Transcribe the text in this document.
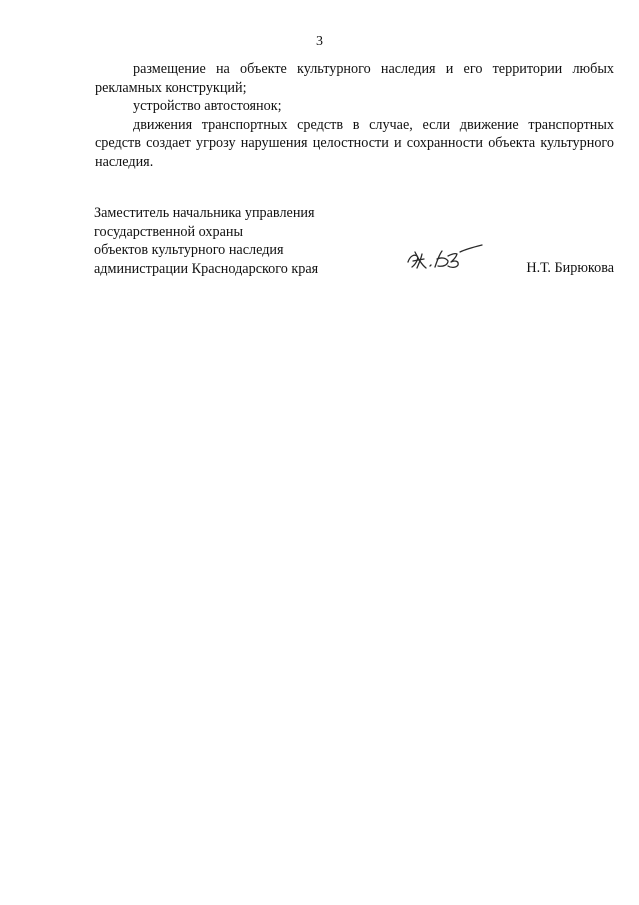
3

размещение на объекте культурного наследия и его территории любых рекламных конструкций;

устройство автостоянок;

движения транспортных средств в случае, если движение транспортных средств создает угрозу нарушения целостности и сохранности объекта культурного наследия.

Заместитель начальника управления
государственной охраны
объектов культурного наследия
администрации Краснодарского края	Н.Т. Бирюкова
